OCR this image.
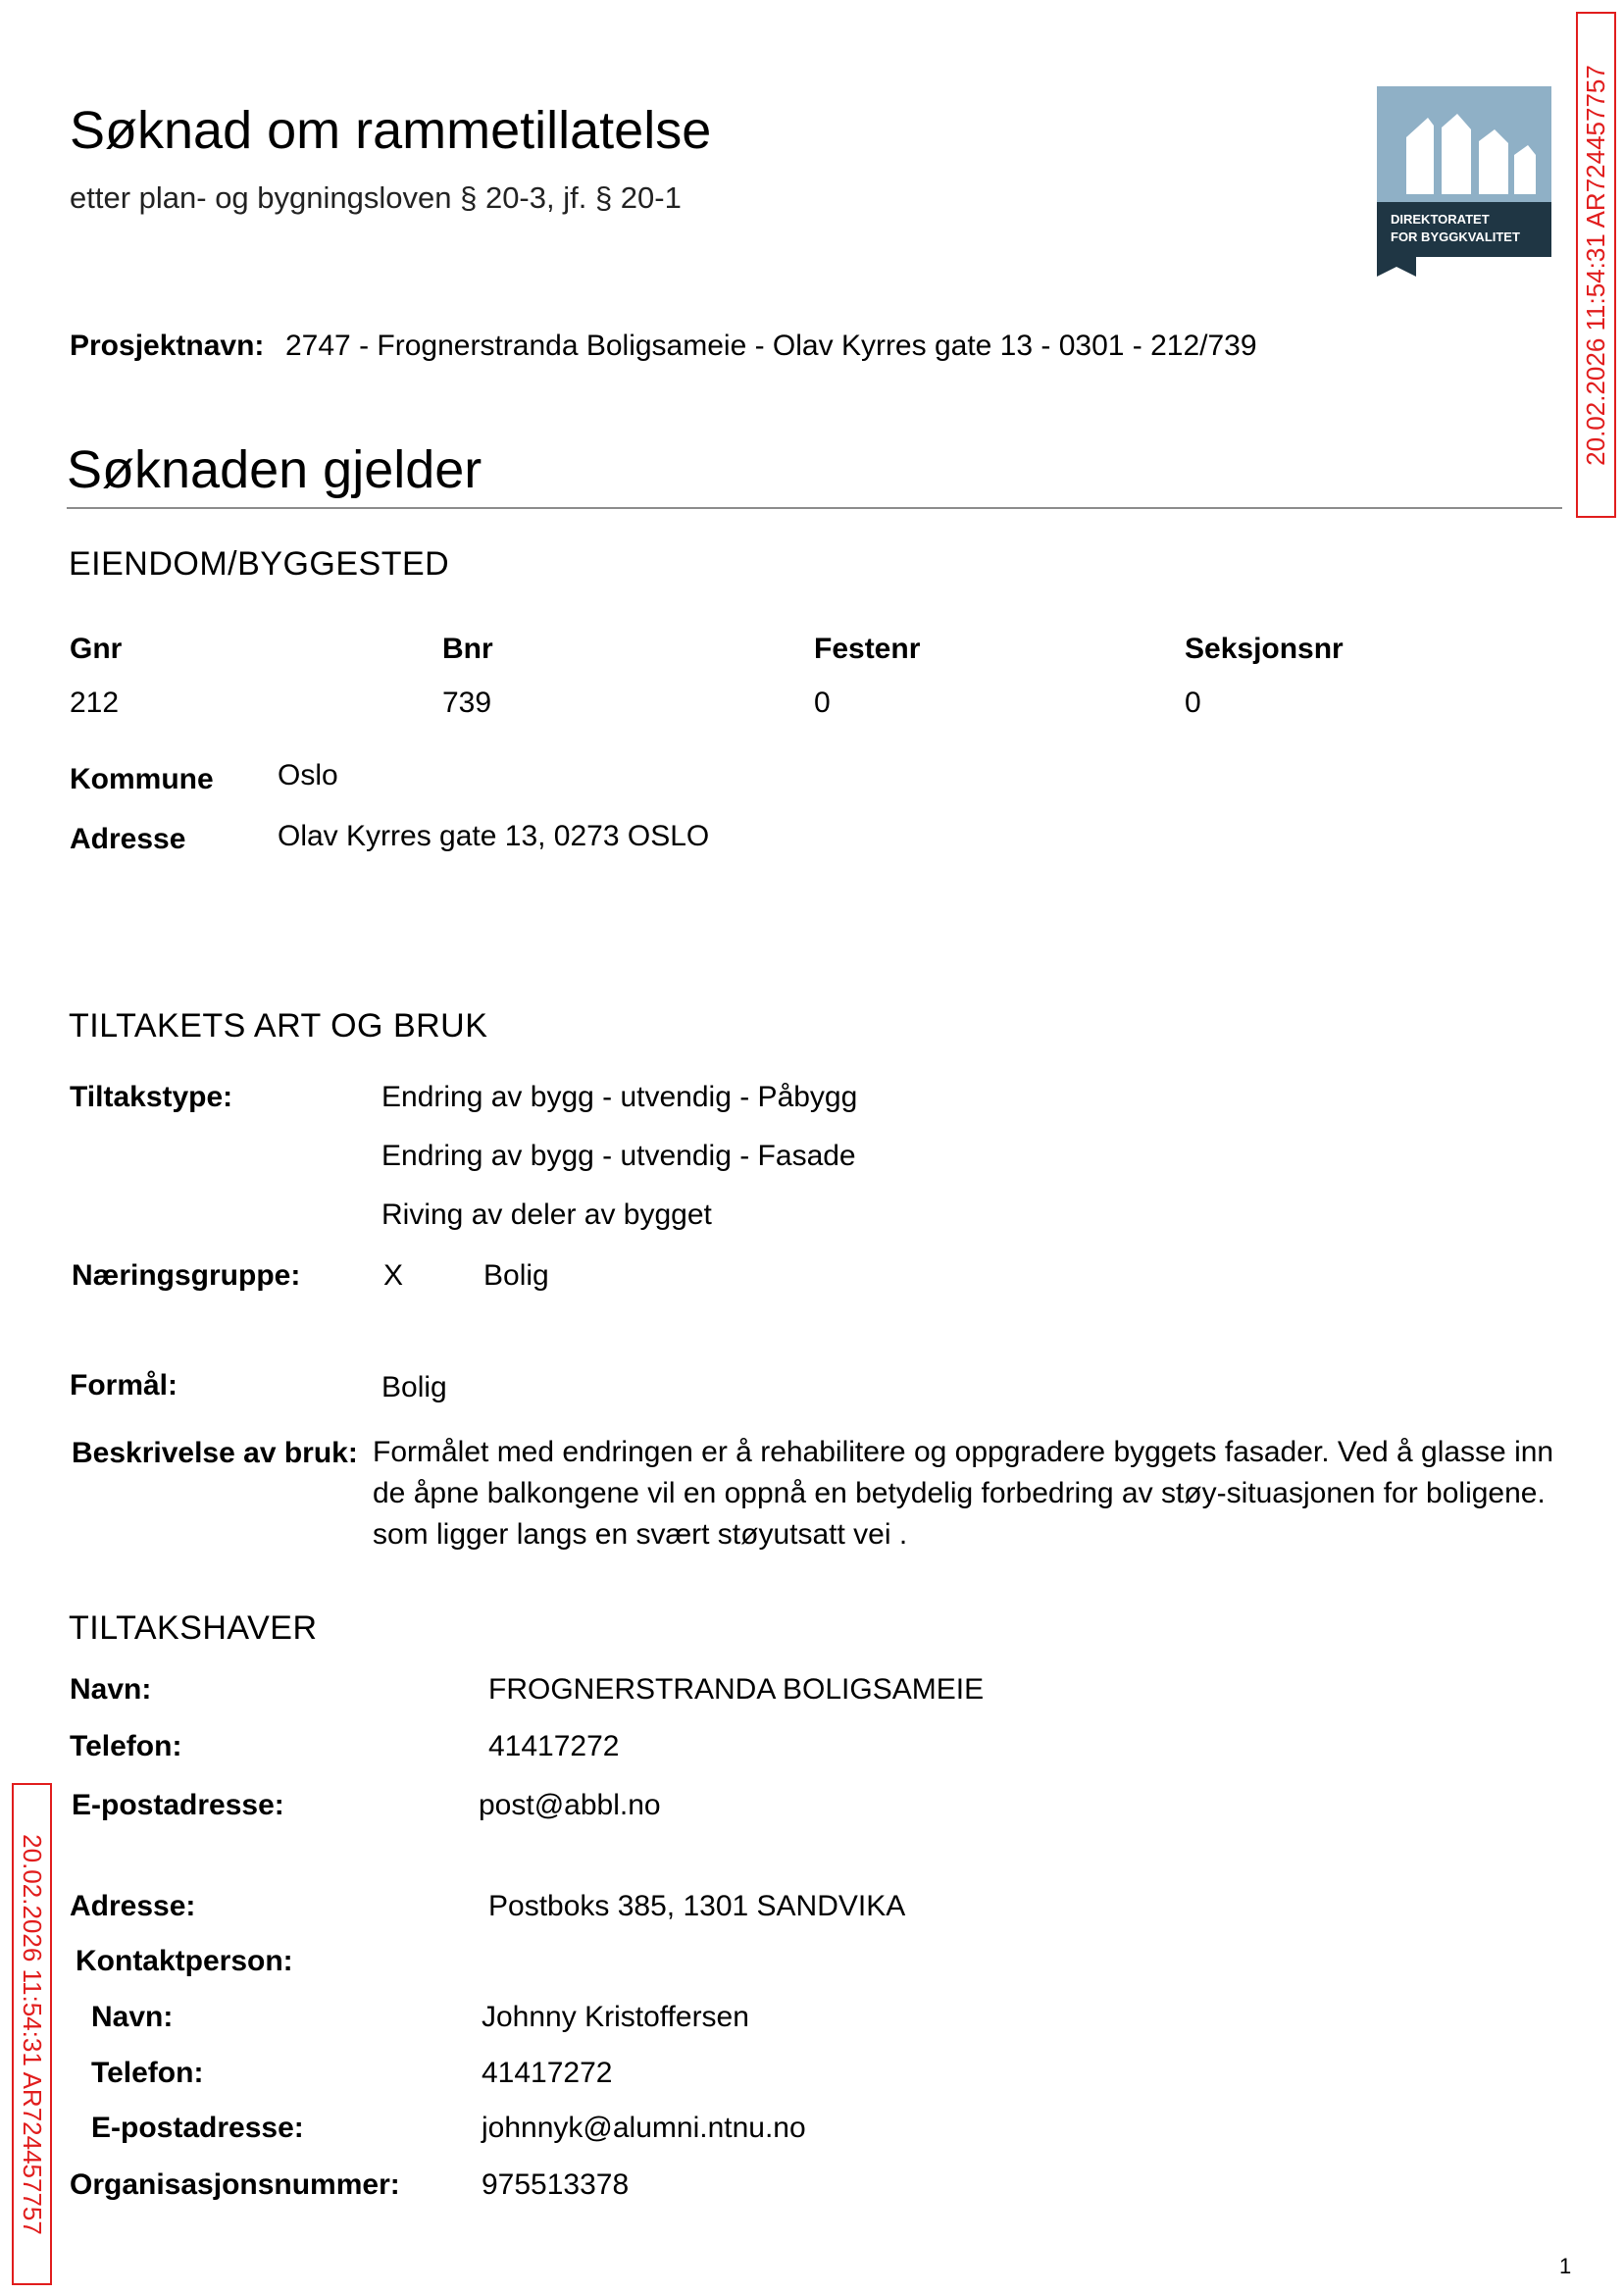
Søknad om rammetillatelse
etter plan- og bygningsloven § 20-3, jf. § 20-1
DIREKTORATET
FOR BYGGKVALITET 20.02.2026 11:54:31 AR724457757
20.02.2026 11:54:31 AR724457757
Prosjektnavn: 2747 - Frognerstranda Boligsameie - Olav Kyrres gate 13 - 0301 - 212/739
Søknaden gjelder
EIENDOM/BYGGESTED
Gnr	Bnr	Festenr	Seksjonsnr
212	739	0	0
Kommune Oslo
Adresse	Olav Kyrres gate 13, 0273 OSLO
TILTAKETS ART OG BRUK
Tiltakstype:	Endring av bygg - utvendig - Påbygg
Endring av bygg - utvendig - Fasade
Riving av deler av bygget
Næringsgruppe:	X	Bolig
Formål:	Bolig
Beskrivelse av bruk: Formålet med endringen er å rehabilitere og oppgradere byggets fasader. Ved å glasse inn de åpne balkongene vil en oppnå en betydelig forbedring av støy-situasjonen for boligene. som ligger langs en svært støyutsatt vei .
TILTAKSHAVER
Navn:	FROGNERSTRANDA BOLIGSAMEIE
Telefon:	41417272
E-postadresse:	post@abbl.no
Adresse:	Postboks 385, 1301 SANDVIKA
Kontaktperson:
Navn:	Johnny Kristoffersen
Telefon:	41417272
E-postadresse:	johnnyk@alumni.ntnu.no
Organisasjonsnummer:	975513378
1
